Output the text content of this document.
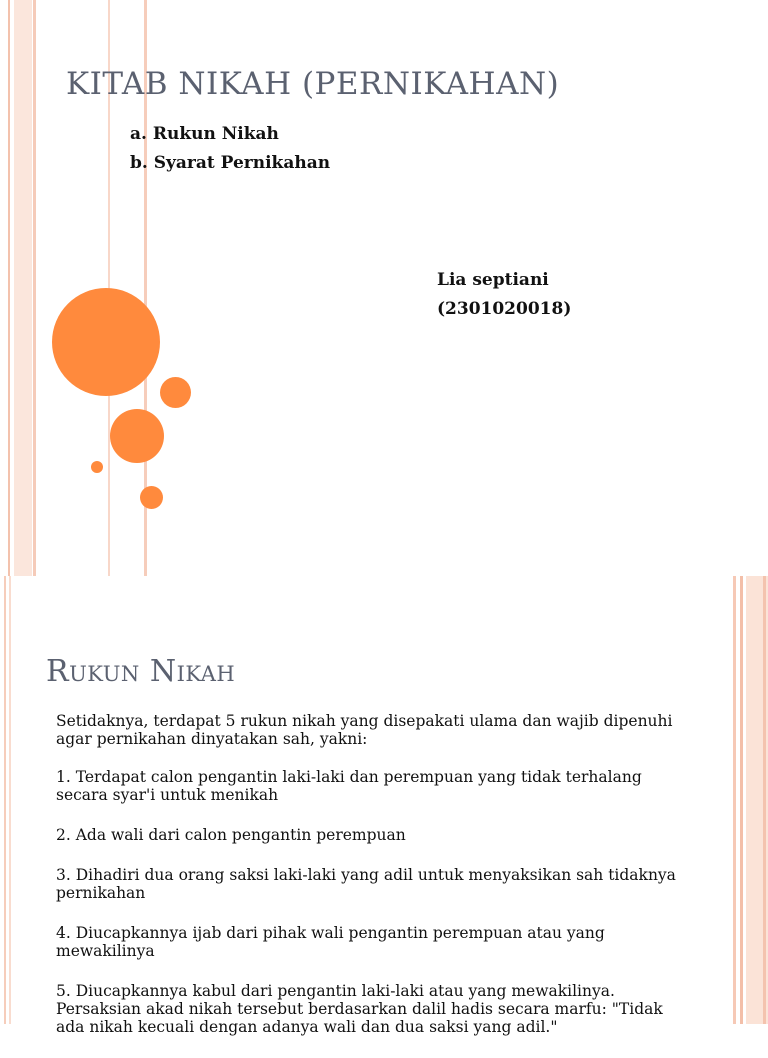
KITAB NIKAH (PERNIKAHAN)
a. Rukun Nikah
b. Syarat Pernikahan
Lia septiani
(2301020018)
Rukun Nikah

Setidaknya, terdapat 5 rukun nikah yang disepakati ulama dan wajib dipenuhi agar pernikahan dinyatakan sah, yakni:

1. Terdapat calon pengantin laki-laki dan perempuan yang tidak terhalang secara syar'i untuk menikah

2. Ada wali dari calon pengantin perempuan

3. Dihadiri dua orang saksi laki-laki yang adil untuk menyaksikan sah tidaknya pernikahan

4. Diucapkannya ijab dari pihak wali pengantin perempuan atau yang mewakilinya

5. Diucapkannya kabul dari pengantin laki-laki atau yang mewakilinya. Persaksian akad nikah tersebut berdasarkan dalil hadis secara marfu: "Tidak ada nikah kecuali dengan adanya wali dan dua saksi yang adil."
